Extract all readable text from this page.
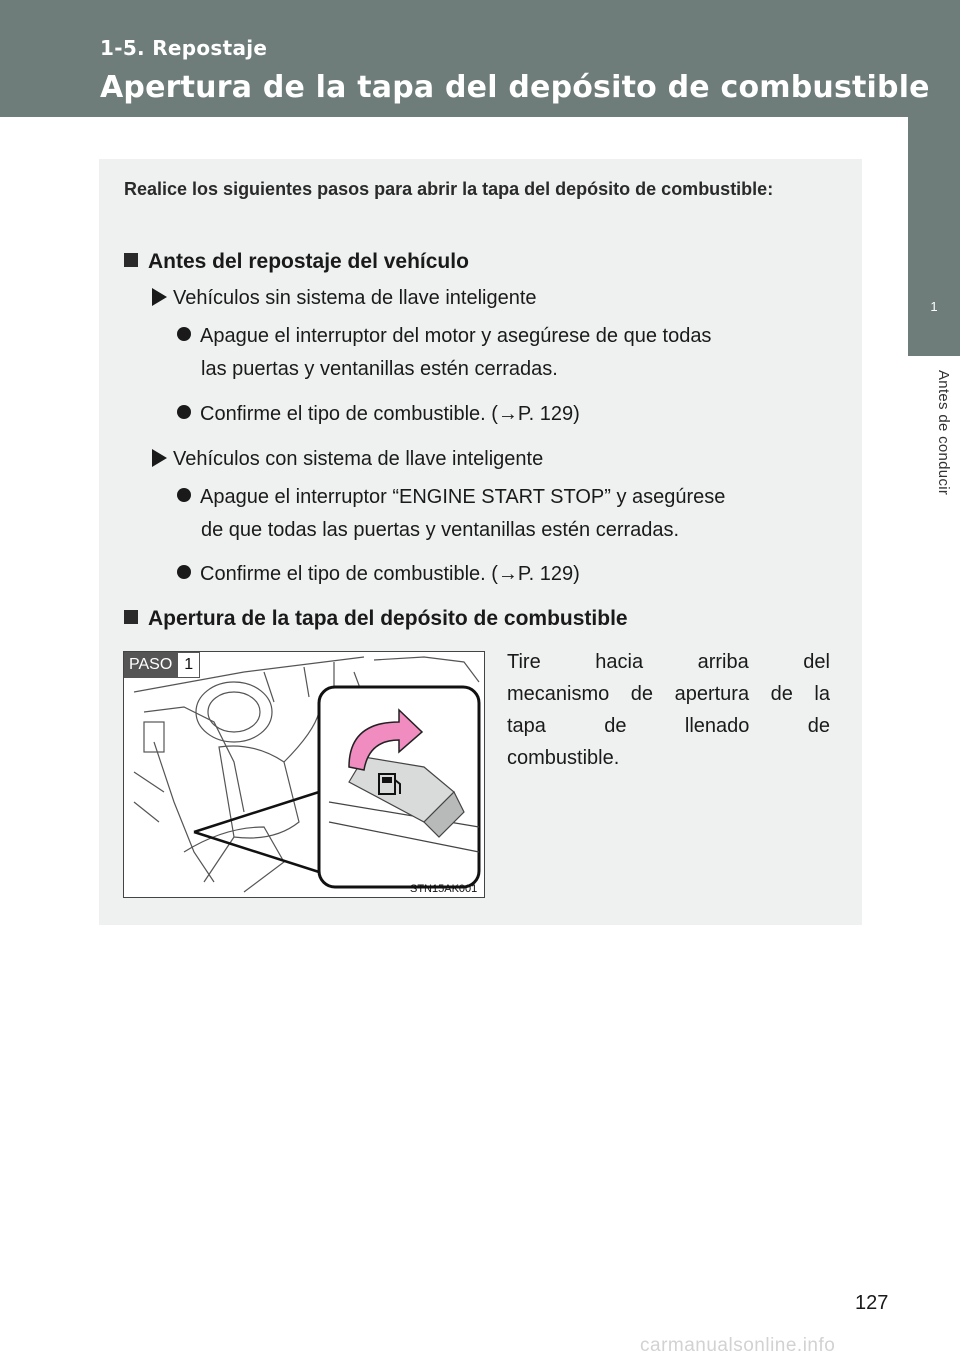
1-5. Repostaje
Apertura de la tapa del depósito de combustible
1
Antes de conducir
Realice los siguientes pasos para abrir la tapa del depósito de combustible:
Antes del repostaje del vehículo
Vehículos sin sistema de llave inteligente
Apague el interruptor del motor y asegúrese de que todas
las puertas y ventanillas estén cerradas.
Confirme el tipo de combustible. (→P. 129)
Vehículos con sistema de llave inteligente
Apague el interruptor “ENGINE START STOP” y asegúrese
de que todas las puertas y ventanillas estén cerradas.
Confirme el tipo de combustible. (→P. 129)
Apertura de la tapa del depósito de combustible
PASO 1
STN15AK001
Tire hacia arriba del
mecanismo de apertura de la
tapa de llenado de
combustible.
127
carmanualsonline.info
